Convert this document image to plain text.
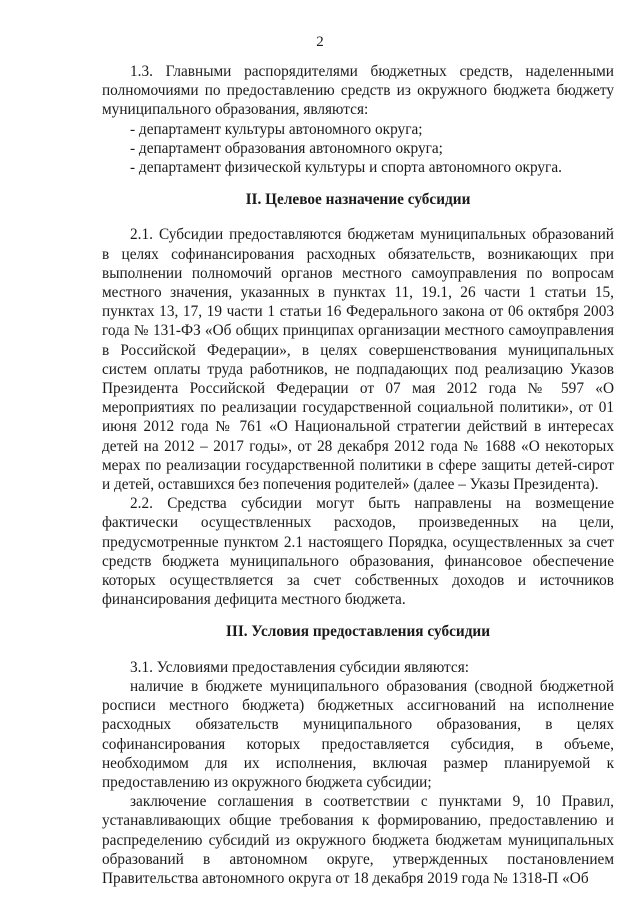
2

1.3. Главными распорядителями бюджетных средств, наделенными полномочиями по предоставлению средств из окружного бюджета бюджету муниципального образования, являются:

- департамент культуры автономного округа;

- департамент образования автономного округа;

- департамент физической культуры и спорта автономного округа.

II. Целевое назначение субсидии

2.1. Субсидии предоставляются бюджетам муниципальных образований в целях софинансирования расходных обязательств, возникающих при выполнении полномочий органов местного самоуправления по вопросам местного значения, указанных в пунктах 11, 19.1, 26 части 1 статьи 15, пунктах 13, 17, 19 части 1 статьи 16 Федерального закона от 06 октября 2003 года № 131-ФЗ «Об общих принципах организации местного самоуправления в Российской Федерации», в целях совершенствования муниципальных систем оплаты труда работников, не подпадающих под реализацию Указов Президента Российской Федерации от 07 мая 2012 года № 597 «О мероприятиях по реализации государственной социальной политики», от 01 июня 2012 года № 761 «О Национальной стратегии действий в интересах детей на 2012 – 2017 годы», от 28 декабря 2012 года № 1688 «О некоторых мерах по реализации государственной политики в сфере защиты детей-сирот и детей, оставшихся без попечения родителей» (далее – Указы Президента).

2.2. Средства субсидии могут быть направлены на возмещение фактически осуществленных расходов, произведенных на цели, предусмотренные пунктом 2.1 настоящего Порядка, осуществленных за счет средств бюджета муниципального образования, финансовое обеспечение которых осуществляется за счет собственных доходов и источников финансирования дефицита местного бюджета.

III. Условия предоставления субсидии

3.1. Условиями предоставления субсидии являются:

наличие в бюджете муниципального образования (сводной бюджетной росписи местного бюджета) бюджетных ассигнований на исполнение расходных обязательств муниципального образования, в целях софинансирования которых предоставляется субсидия, в объеме, необходимом для их исполнения, включая размер планируемой к предоставлению из окружного бюджета субсидии;

заключение соглашения в соответствии с пунктами 9, 10 Правил, устанавливающих общие требования к формированию, предоставлению и распределению субсидий из окружного бюджета бюджетам муниципальных образований в автономном округе, утвержденных постановлением Правительства автономного округа от 18 декабря 2019 года № 1318-П «Об
